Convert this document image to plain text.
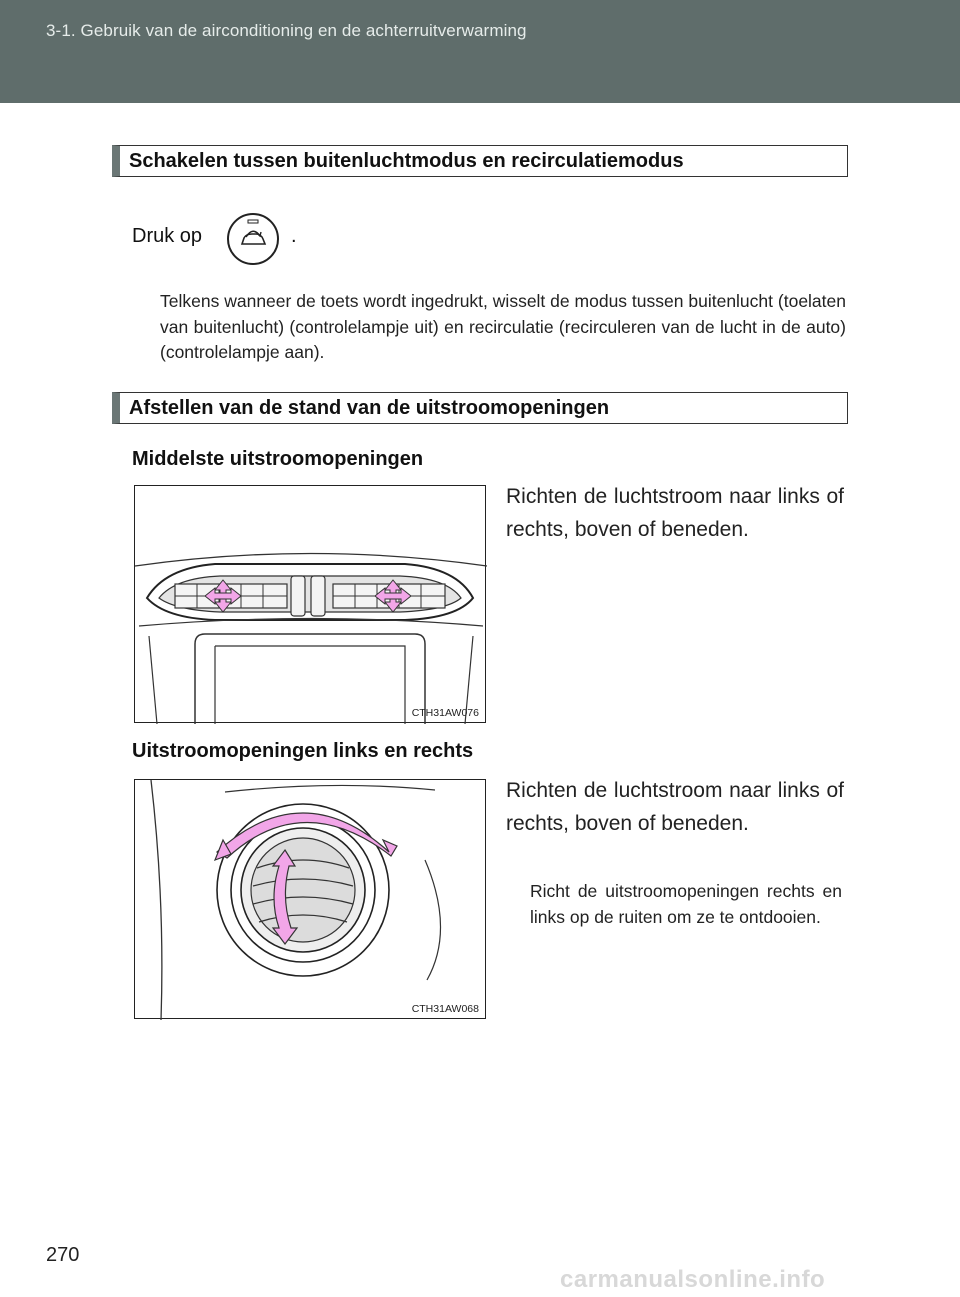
3-1. Gebruik van de airconditioning en de achterruitverwarming
Schakelen tussen buitenluchtmodus en recirculatiemodus
Druk op	.
Telkens wanneer de toets wordt ingedrukt, wisselt de modus tussen buitenlucht (toelaten van buitenlucht) (controlelampje uit) en recirculatie (recirculeren van de lucht in de auto) (controlelampje aan).
Afstellen van de stand van de uitstroomopeningen
Middelste uitstroomopeningen
CTH31AW076
Richten de luchtstroom naar links of rechts, boven of beneden.
Uitstroomopeningen links en rechts
CTH31AW068
Richten de luchtstroom naar links of rechts, boven of beneden.
Richt de uitstroomopeningen rechts en links op de ruiten om ze te ontdooien.
270
carmanualsonline.info
